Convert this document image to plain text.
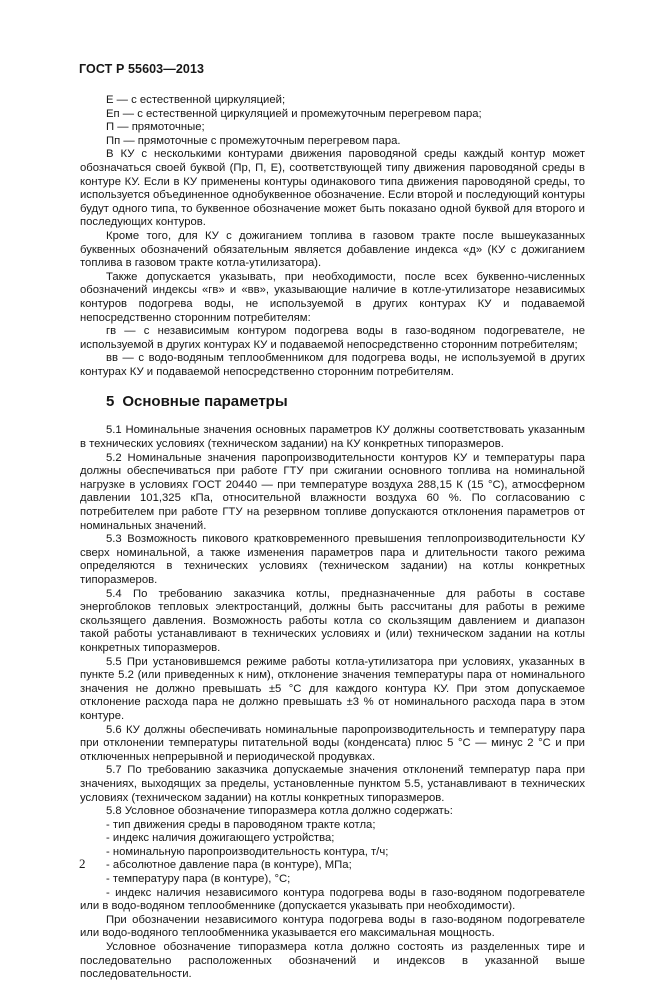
ГОСТ Р 55603—2013

Е — с естественной циркуляцией;

Еп — с естественной циркуляцией и промежуточным перегревом пара;

П — прямоточные;

Пп — прямоточные с промежуточным перегревом пара.

В КУ с несколькими контурами движения пароводяной среды каждый контур может обозначаться своей буквой (Пр, П, Е), соответствующей типу движения пароводяной среды в контуре КУ. Если в КУ применены контуры одинакового типа движения пароводяной среды, то используется объединенное однобуквенное обозначение. Если второй и последующий контуры будут одного типа, то буквенное обозначение может быть показано одной буквой для второго и последующих контуров.

Кроме того, для КУ с дожиганием топлива в газовом тракте после вышеуказанных буквенных обозначений обязательным является добавление индекса «д» (КУ с дожиганием топлива в газовом тракте котла-утилизатора).

Также допускается указывать, при необходимости, после всех буквенно-численных обозначений индексы «гв» и «вв», указывающие наличие в котле-утилизаторе независимых контуров подогрева воды, не используемой в других контурах КУ и подаваемой непосредственно сторонним потребителям:

гв — с независимым контуром подогрева воды в газо-водяном подогревателе, не используемой в других контурах КУ и подаваемой непосредственно сторонним потребителям;

вв — с водо-водяным теплообменником для подогрева воды, не используемой в других контурах КУ и подаваемой непосредственно сторонним потребителям.

5 Основные параметры

5.1 Номинальные значения основных параметров КУ должны соответствовать указанным в технических условиях (техническом задании) на КУ конкретных типоразмеров.

5.2 Номинальные значения паропроизводительности контуров КУ и температуры пара должны обеспечиваться при работе ГТУ при сжигании основного топлива на номинальной нагрузке в условиях ГОСТ 20440 — при температуре воздуха 288,15 К (15 °С), атмосферном давлении 101,325 кПа, относительной влажности воздуха 60 %. По согласованию с потребителем при работе ГТУ на резервном топливе допускаются отклонения параметров от номинальных значений.

5.3 Возможность пикового кратковременного превышения теплопроизводительности КУ сверх номинальной, а также изменения параметров пара и длительности такого режима определяются в технических условиях (техническом задании) на котлы конкретных типоразмеров.

5.4 По требованию заказчика котлы, предназначенные для работы в составе энергоблоков тепловых электростанций, должны быть рассчитаны для работы в режиме скользящего давления. Возможность работы котла со скользящим давлением и диапазон такой работы устанавливают в технических условиях и (или) техническом задании на котлы конкретных типоразмеров.

5.5 При установившемся режиме работы котла-утилизатора при условиях, указанных в пункте 5.2 (или приведенных к ним), отклонение значения температуры пара от номинального значения не должно превышать ±5 °С для каждого контура КУ. При этом допускаемое отклонение расхода пара не должно превышать ±3 % от номинального расхода пара в этом контуре.

5.6 КУ должны обеспечивать номинальные паропроизводительность и температуру пара при отклонении температуры питательной воды (конденсата) плюс 5 °С — минус 2 °С и при отключенных непрерывной и периодической продувках.

5.7 По требованию заказчика допускаемые значения отклонений температур пара при значениях, выходящих за пределы, установленные пунктом 5.5, устанавливают в технических условиях (техническом задании) на котлы конкретных типоразмеров.

5.8 Условное обозначение типоразмера котла должно содержать:

- тип движения среды в пароводяном тракте котла;

- индекс наличия дожигающего устройства;

- номинальную паропроизводительность контура, т/ч;

- абсолютное давление пара (в контуре), МПа;

- температуру пара (в контуре), °С;

- индекс наличия независимого контура подогрева воды в газо-водяном подогревателе или в водо-водяном теплообменнике (допускается указывать при необходимости).

При обозначении независимого контура подогрева воды в газо-водяном подогревателе или водо-водяного теплообменника указывается его максимальная мощность.

Условное обозначение типоразмера котла должно состоять из разделенных тире и последовательно расположенных обозначений и индексов в указанной выше последовательности.

2
